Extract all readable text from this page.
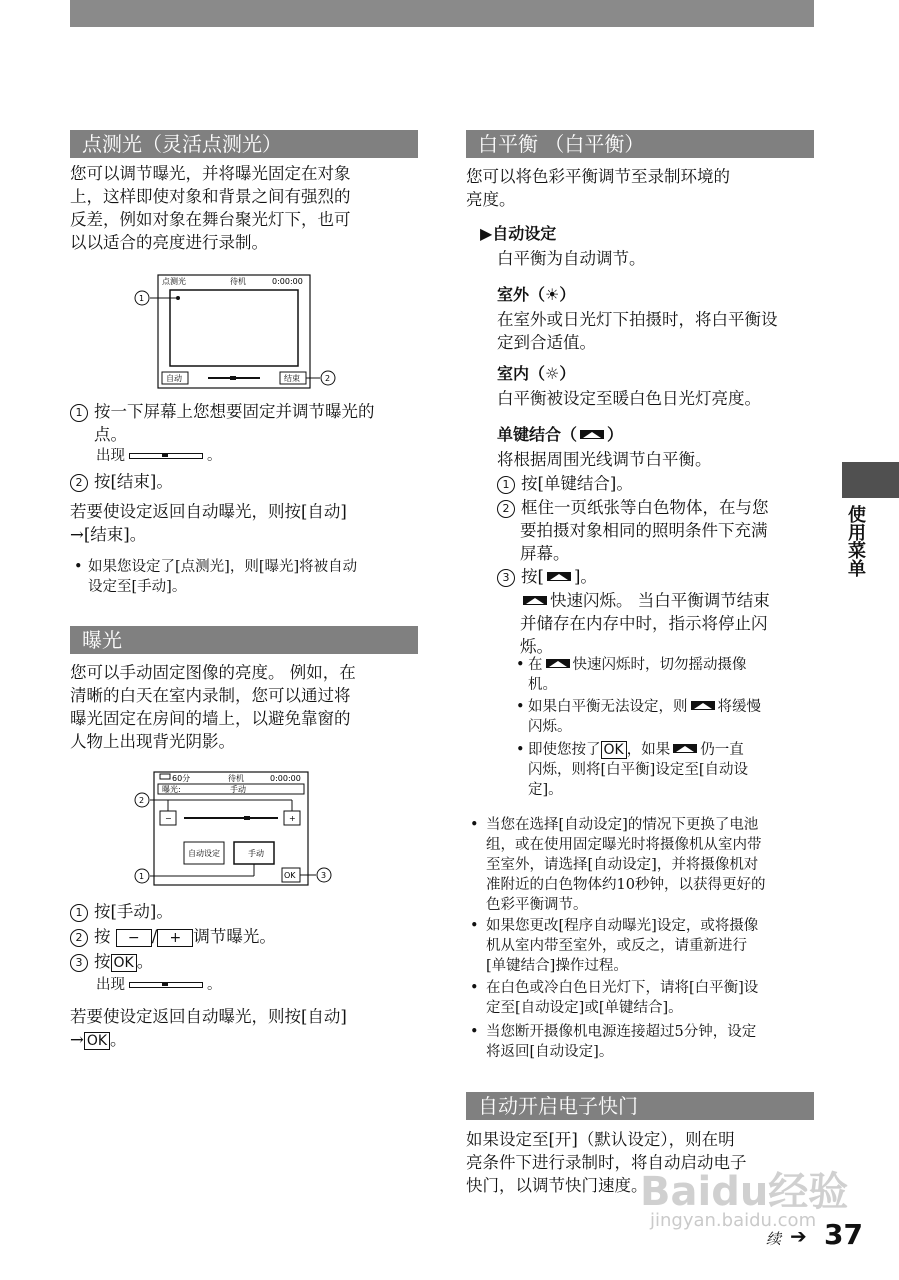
点测光（灵活点测光）
您可以调节曝光，并将曝光固定在对象
上，这样即使对象和背景之间有强烈的
反差，例如对象在舞台聚光灯下，也可
以以适合的亮度进行录制。
点测光	待机	0:00:00
1
自动	结束	2
1 按一下屏幕上您想要固定并调节曝光的
点。
出现	。
2 按[结束]。
若要使设定返回自动曝光，则按[自动]
→[结束]。
• 如果您设定了[点测光]，则[曝光]将被自动
设定至[手动]。
曝光
您可以手动固定图像的亮度。 例如，在
清晰的白天在室内录制，您可以通过将
曝光固定在房间的墙上，以避免靠窗的
人物上出现背光阴影。
60分	待机	0:00:00
曝光:	手动
−	+
2
自动设定	手动
1	OK	3
1 按[手动]。
2 按 − / + 调节曝光。
3 按 OK 。
出现	。
若要使设定返回自动曝光，则按[自动]
→ OK 。
白平衡 （白平衡）
您可以将色彩平衡调节至录制环境的
亮度。
▶自动设定
白平衡为自动调节。
室外（☀）
在室外或日光灯下拍摄时，将白平衡设
定到合适值。
室内（☼）
白平衡被设定至暖白色日光灯亮度。
单键结合（ ）
将根据周围光线调节白平衡。
1 按[单键结合]。
2 框住一页纸张等白色物体，在与您
要拍摄对象相同的照明条件下充满
屏幕。
3 按[ ]。
快速闪烁。 当白平衡调节结束
并储存在内存中时，指示将停止闪
烁。
• 在 快速闪烁时，切勿摇动摄像
机。
• 如果白平衡无法设定，则 将缓慢
闪烁。
• 即使您按了 OK ，如果 仍一直
闪烁，则将[白平衡]设定至[自动设
定]。
• 当您在选择[自动设定]的情况下更换了电池
组，或在使用固定曝光时将摄像机从室内带
至室外，请选择[自动设定]，并将摄像机对
准附近的白色物体约10秒钟，以获得更好的
色彩平衡调节。
• 如果您更改[程序自动曝光]设定，或将摄像
机从室内带至室外，或反之，请重新进行
[单键结合]操作过程。
• 在白色或冷白色日光灯下，请将[白平衡]设
定至[自动设定]或[单键结合]。
• 当您断开摄像机电源连接超过5分钟，设定
将返回[自动设定]。
自动开启电子快门
如果设定至[开]（默认设定），则在明
亮条件下进行录制时，将自动启动电子
快门，以调节快门速度。
使用菜单
Baidu经验
jingyan.baidu.com
续 ➔ 37
